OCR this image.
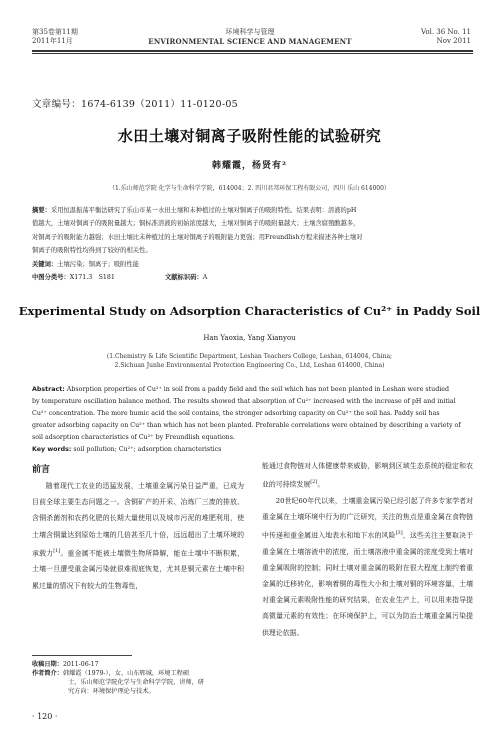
第35卷第11期
2011年11月
环境科学与管理
ENVIRONMENTAL SCIENCE AND MANAGEMENT
Vol. 36 No. 11
Nov 2011
文章编号：1674-6139（2011）11-0120-05
水田土壤对铜离子吸附性能的试验研究
韩耀霞，杨贤有²
（1.乐山师范学院 化学与生命科学学院，614004；2. 四川君邦环保工程有限公司，四川 乐山 614000）
摘要：采用恒温振荡平衡法研究了乐山市某一水田土壤和未种植过的土壤对铜离子的吸附特性。结果表明：溶液的pH
值越大，土壤对铜离子的吸附量越大；铜标准溶液的初始浓度越大，土壤对铜离子的吸附量越大；土壤含腐殖酸越多，
对铜离子的吸附能力越强；水田土壤比未种植过的土壤对铜离子的吸附能力更强；用Freundlish方程来描述各种土壤对
铜离子的吸附特性均得到了较好的相关性。
关键词：土壤污染；铜离子；吸附性能
中图分类号：X171.3　S181	文献标识码：A
Experimental Study on Adsorption Characteristics of Cu²⁺ in Paddy Soil
Han Yaoxia, Yang Xianyou
(1.Chemistry & Life Scientific Department, Leshan Teachers College, Leshan, 614004, China;
2.Sichuan Junhe Environmental Protection Engineering Co., Ltd, Leshan 614000, China)
Abstract: Absorption properties of Cu²⁺ in soil from a paddy field and the soil which has not been planted in Leshan were studied
by temperature oscillation balance method. The results showed that absorption of Cu²⁺ increased with the increase of pH and initial
Cu²⁺ concentration. The more humic acid the soil contains, the stronger adsorbing capacity on Cu²⁺ the soil has. Paddy soil has
greater adsorbing capacity on Cu²⁺ than which has not been planted. Preferable correlations were obtained by describing a variety of
soil adsorption characteristics of Cu²⁺ by Freundlish equations.
Key words: soil pollution; Cu²⁺; adsorption characteristics
前言

随着现代工农业的迅猛发展，土壤重金属污染日益严重，已成为目前全球主要生态问题之一。含铜矿产的开采、冶炼厂三废的排放、含铜杀菌剂和农药化肥的长期大量使用以及城市污泥的堆肥利用，使土壤含铜量达到原始土壤的几倍甚至几十倍，远远超出了土壤环境的承载力[1]。重金属不能被土壤微生物所降解，能在土壤中不断积累，土壤一旦遭受重金属污染就很难彻底恢复，尤其是铜元素在土壤中积累过量的情况下有较大的生物毒性，

能通过食物链对人体健康带来威胁，影响到区域生态系统的稳定和农业的可持续发展[2]。

20世纪60年代以来，土壤重金属污染已经引起了许多专家学者对重金属在土壤环境中行为的广泛研究，关注的焦点是重金属在食物链中传递和重金属进入地表水和地下水的风险[3]，这些关注主要取决于重金属在土壤溶液中的浓度，而土壤溶液中重金属的浓度受到土壤对重金属吸附的控制；同时土壤对重金属的吸附在很大程度上制约着重金属的迁移转化，影响着铜的毒性大小和土壤对铜的环境容量，土壤对重金属元素吸附性能的研究结果，在农业生产上，可以用来指导提高微量元素的有效性；在环境保护上，可以为防治土壤重金属污染提供理论依据。

收稿日期：2011-06-17
作者简介：韩耀霞（1979-），女，山东郓城，环境工程硕
士，乐山师范学院化学与生命科学学院，讲师，研
究方向：环境保护理论与技术。
· 120 ·
